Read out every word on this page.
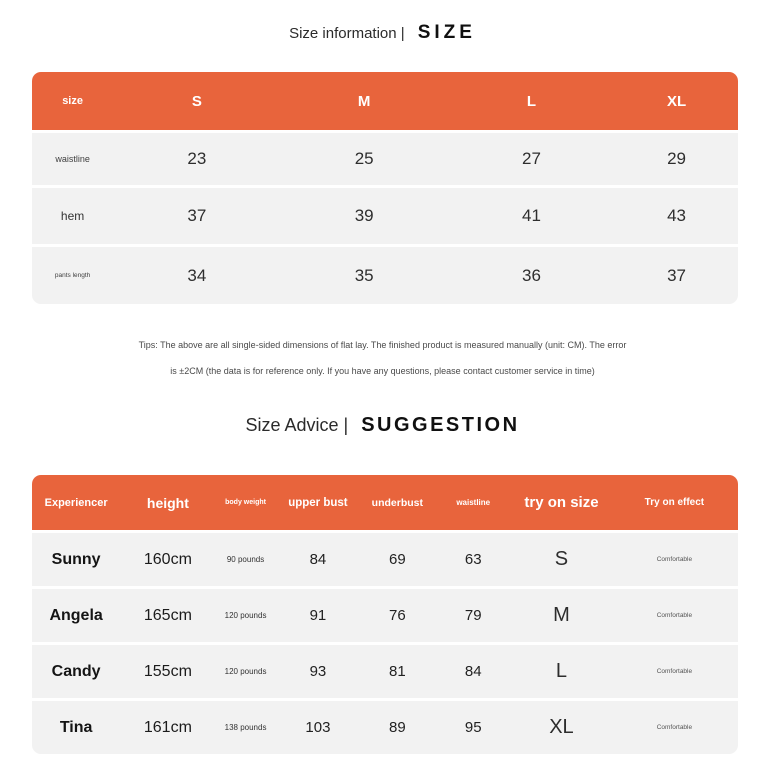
Size information | SIZE
size	S	M	L	XL
waistline	23	25	27	29
hem	37	39	41	43
pants length	34	35	36	37
Tips: The above are all single-sided dimensions of flat lay. The finished product is measured manually (unit: CM). The error
is ±2CM (the data is for reference only. If you have any questions, please contact customer service in time)
Size Advice | SUGGESTION
Experiencer	height	body weight	upper bust	underbust	waistline	try on size	Try on effect
Sunny	160cm	90 pounds	84	69	63	S	Comfortable
Angela	165cm	120 pounds	91	76	79	M	Comfortable
Candy	155cm	120 pounds	93	81	84	L	Comfortable
Tina	161cm	138 pounds	103	89	95	XL	Comfortable
